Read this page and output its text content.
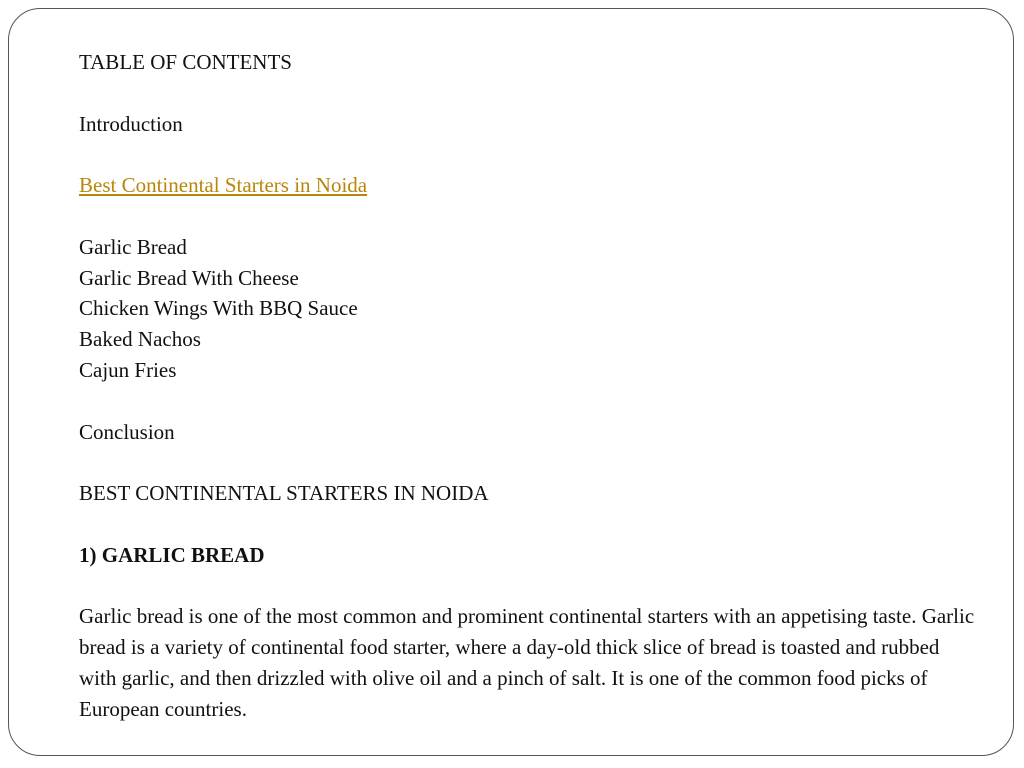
TABLE OF CONTENTS

Introduction

Best Continental Starters in Noida

Garlic Bread

Garlic Bread With Cheese

Chicken Wings With BBQ Sauce

Baked Nachos

Cajun Fries

Conclusion

BEST CONTINENTAL STARTERS IN NOIDA

1) GARLIC BREAD

Garlic bread is one of the most common and prominent continental starters with an appetising taste. Garlic bread is a variety of continental food starter, where a day-old thick slice of bread is toasted and rubbed with garlic, and then drizzled with olive oil and a pinch of salt. It is one of the common food picks of European countries.
